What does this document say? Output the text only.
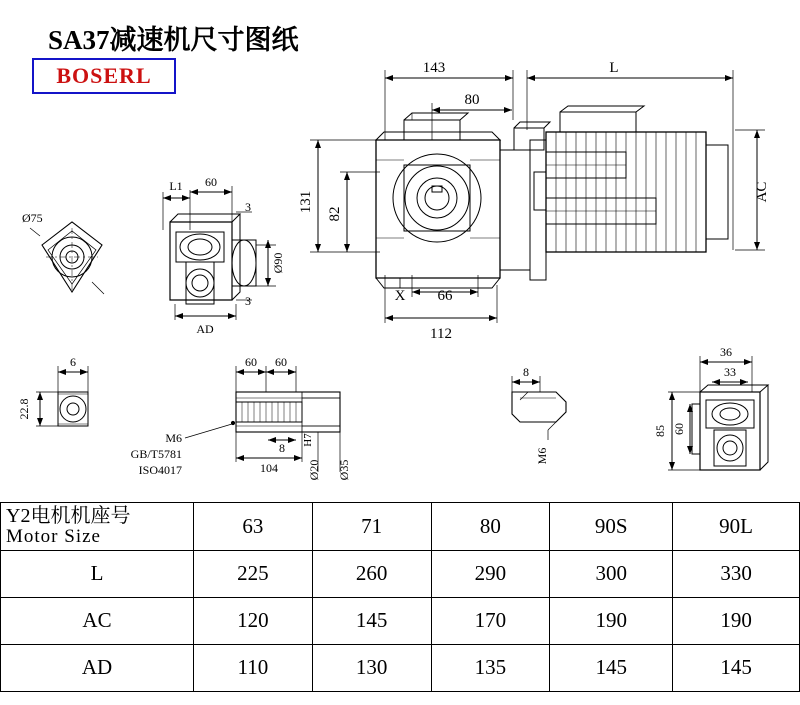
SA37减速机尺寸图纸
BOSERL	143	L
80
131
82
AC
X 66
112
L1 60
3
3
Ø90
AD
Ø75
6
22.8
60 60
8
104 Ø20
H7
Ø35
M6
GB/T5781
ISO4017
8
M6
36
33
85 60
Y2电机机座号
Motor Size	63	71	80	90S	90L
L	225	260	290	300	330
AC	120	145	170	190	190
AD	110	130	135	145	145
